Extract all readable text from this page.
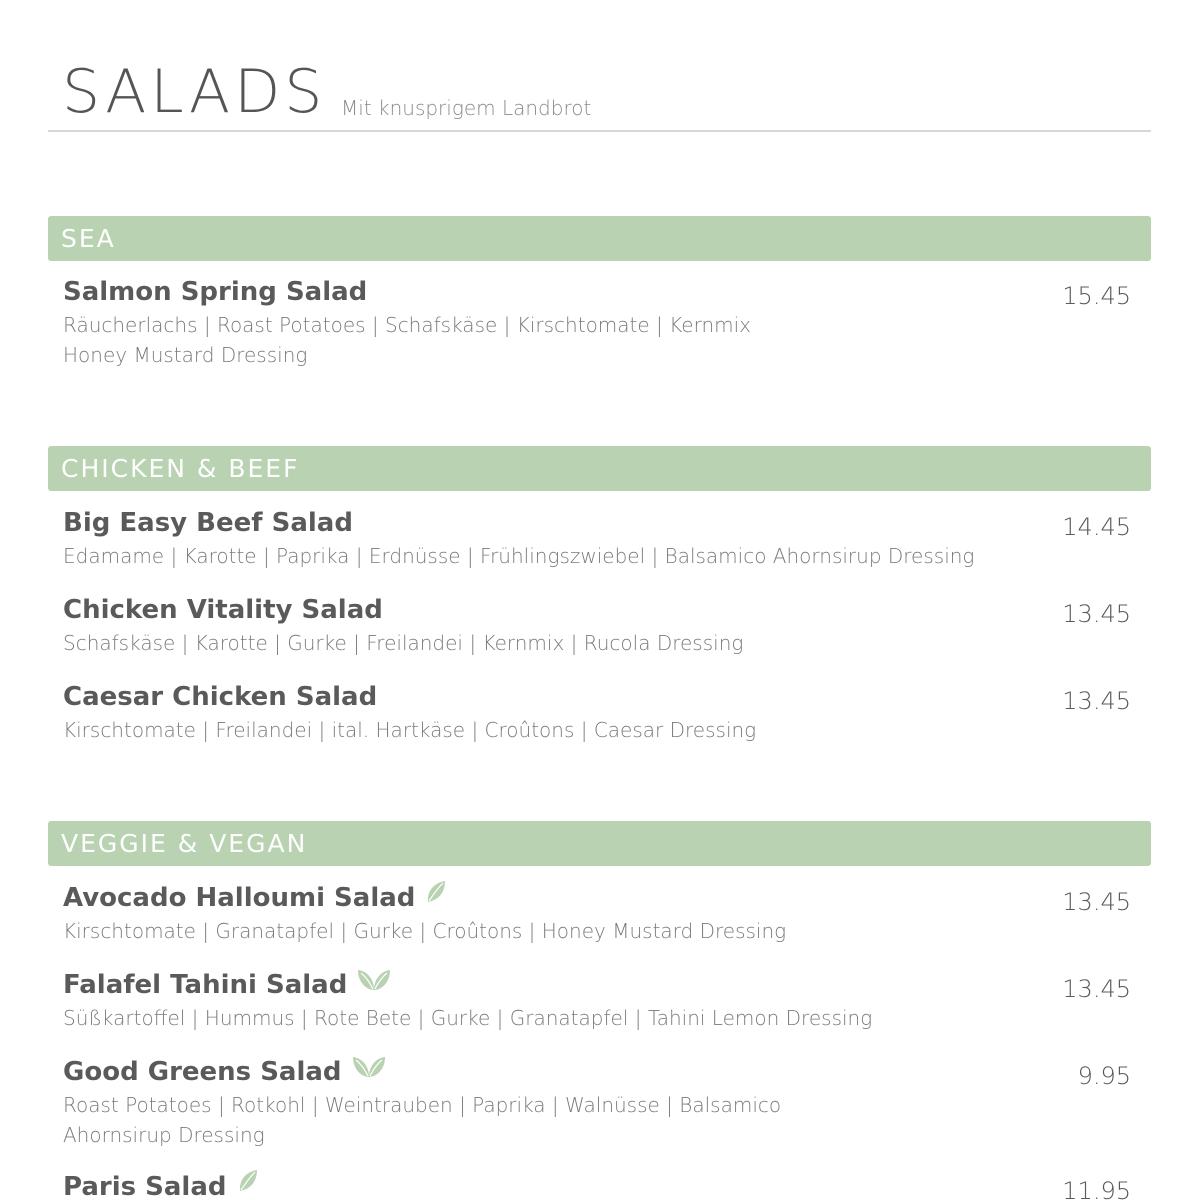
SALADS Mit knusprigem Landbrot
SEA
Salmon Spring Salad	15.45
Räucherlachs | Roast Potatoes | Schafskäse | Kirschtomate | Kernmix
Honey Mustard Dressing
CHICKEN & BEEF
Big Easy Beef Salad	14.45
Edamame | Karotte | Paprika | Erdnüsse | Frühlingszwiebel | Balsamico Ahornsirup Dressing
Chicken Vitality Salad	13.45
Schafskäse | Karotte | Gurke | Freilandei | Kernmix | Rucola Dressing
Caesar Chicken Salad	13.45
Kirschtomate | Freilandei | ital. Hartkäse | Croûtons | Caesar Dressing
VEGGIE & VEGAN
Avocado Halloumi Salad	13.45
Kirschtomate | Granatapfel | Gurke | Croûtons | Honey Mustard Dressing
Falafel Tahini Salad	13.45
Süßkartoffel | Hummus | Rote Bete | Gurke | Granatapfel | Tahini Lemon Dressing
Good Greens Salad	9.95
Roast Potatoes | Rotkohl | Weintrauben | Paprika | Walnüsse | Balsamico
Ahornsirup Dressing
Paris Salad	11.95
